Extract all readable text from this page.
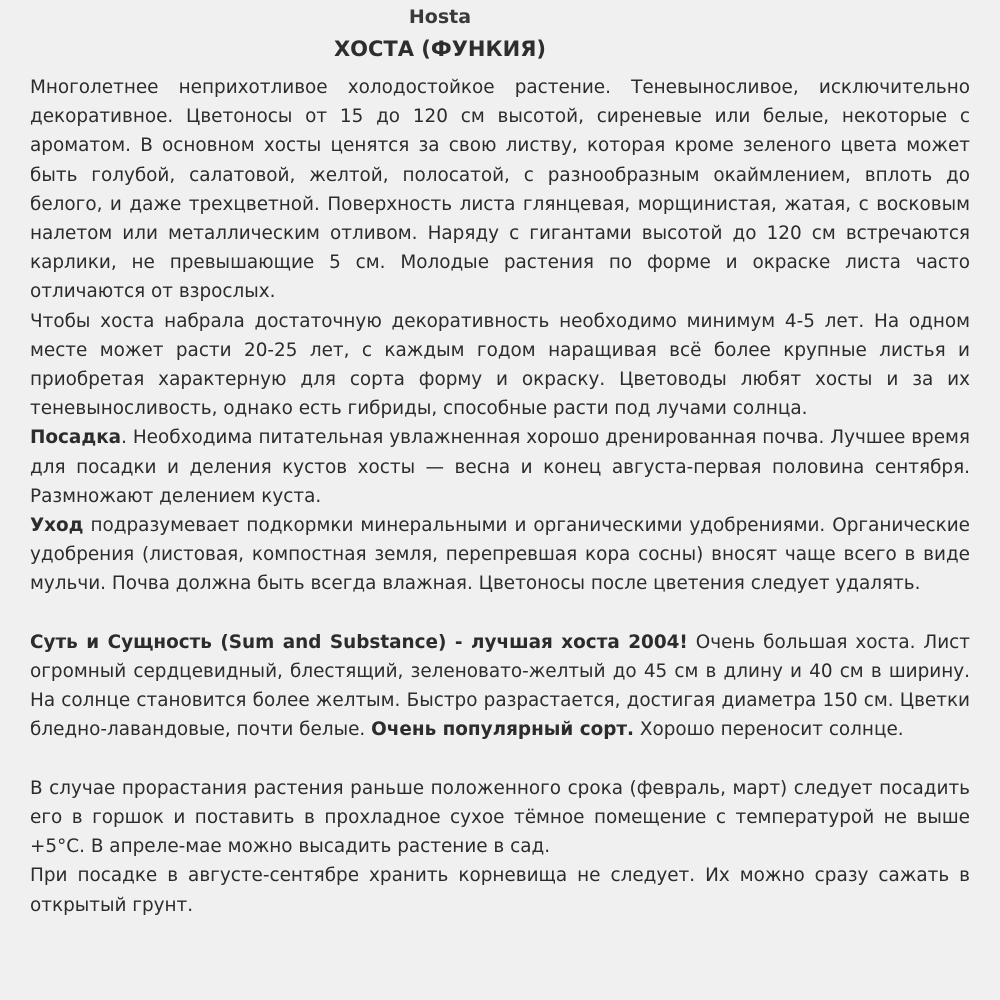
Hosta
ХОСТА (ФУНКИЯ)

Многолетнее неприхотливое холодостойкое растение. Теневыносливое, исключительно декоративное. Цветоносы от 15 до 120 см высотой, сиреневые или белые, некоторые с ароматом. В основном хосты ценятся за свою листву, которая кроме зеленого цвета может быть голубой, салатовой, желтой, полосатой, с разнообразным окаймлением, вплоть до белого, и даже трехцветной. Поверхность листа глянцевая, морщинистая, жатая, с восковым налетом или металлическим отливом. Наряду с гигантами высотой до 120 см встречаются карлики, не превышающие 5 см. Молодые растения по форме и окраске листа часто отличаются от взрослых.

Чтобы хоста набрала достаточную декоративность необходимо минимум 4-5 лет. На одном месте может расти 20-25 лет, с каждым годом наращивая всё более крупные листья и приобретая характерную для сорта форму и окраску. Цветоводы любят хосты и за их теневыносливость, однако есть гибриды, способные расти под лучами солнца.

Посадка. Необходима питательная увлажненная хорошо дренированная почва. Лучшее время для посадки и деления кустов хосты — весна и конец августа-первая половина сентября. Размножают делением куста.

Уход подразумевает подкормки минеральными и органическими удобрениями. Органические удобрения (листовая, компостная земля, перепревшая кора сосны) вносят чаще всего в виде мульчи. Почва должна быть всегда влажная. Цветоносы после цветения следует удалять.

Суть и Сущность (Sum and Substance) - лучшая хоста 2004! Очень большая хоста. Лист огромный сердцевидный, блестящий, зеленовато-желтый до 45 см в длину и 40 см в ширину. На солнце становится более желтым. Быстро разрастается, достигая диаметра 150 см. Цветки бледно-лавандовые, почти белые. Очень популярный сорт. Хорошо переносит солнце.

В случае прорастания растения раньше положенного срока (февраль, март) следует посадить его в горшок и поставить в прохладное сухое тёмное помещение с температурой не выше +5°С. В апреле-мае можно высадить растение в сад.

При посадке в августе-сентябре хранить корневища не следует. Их можно сразу сажать в открытый грунт.
